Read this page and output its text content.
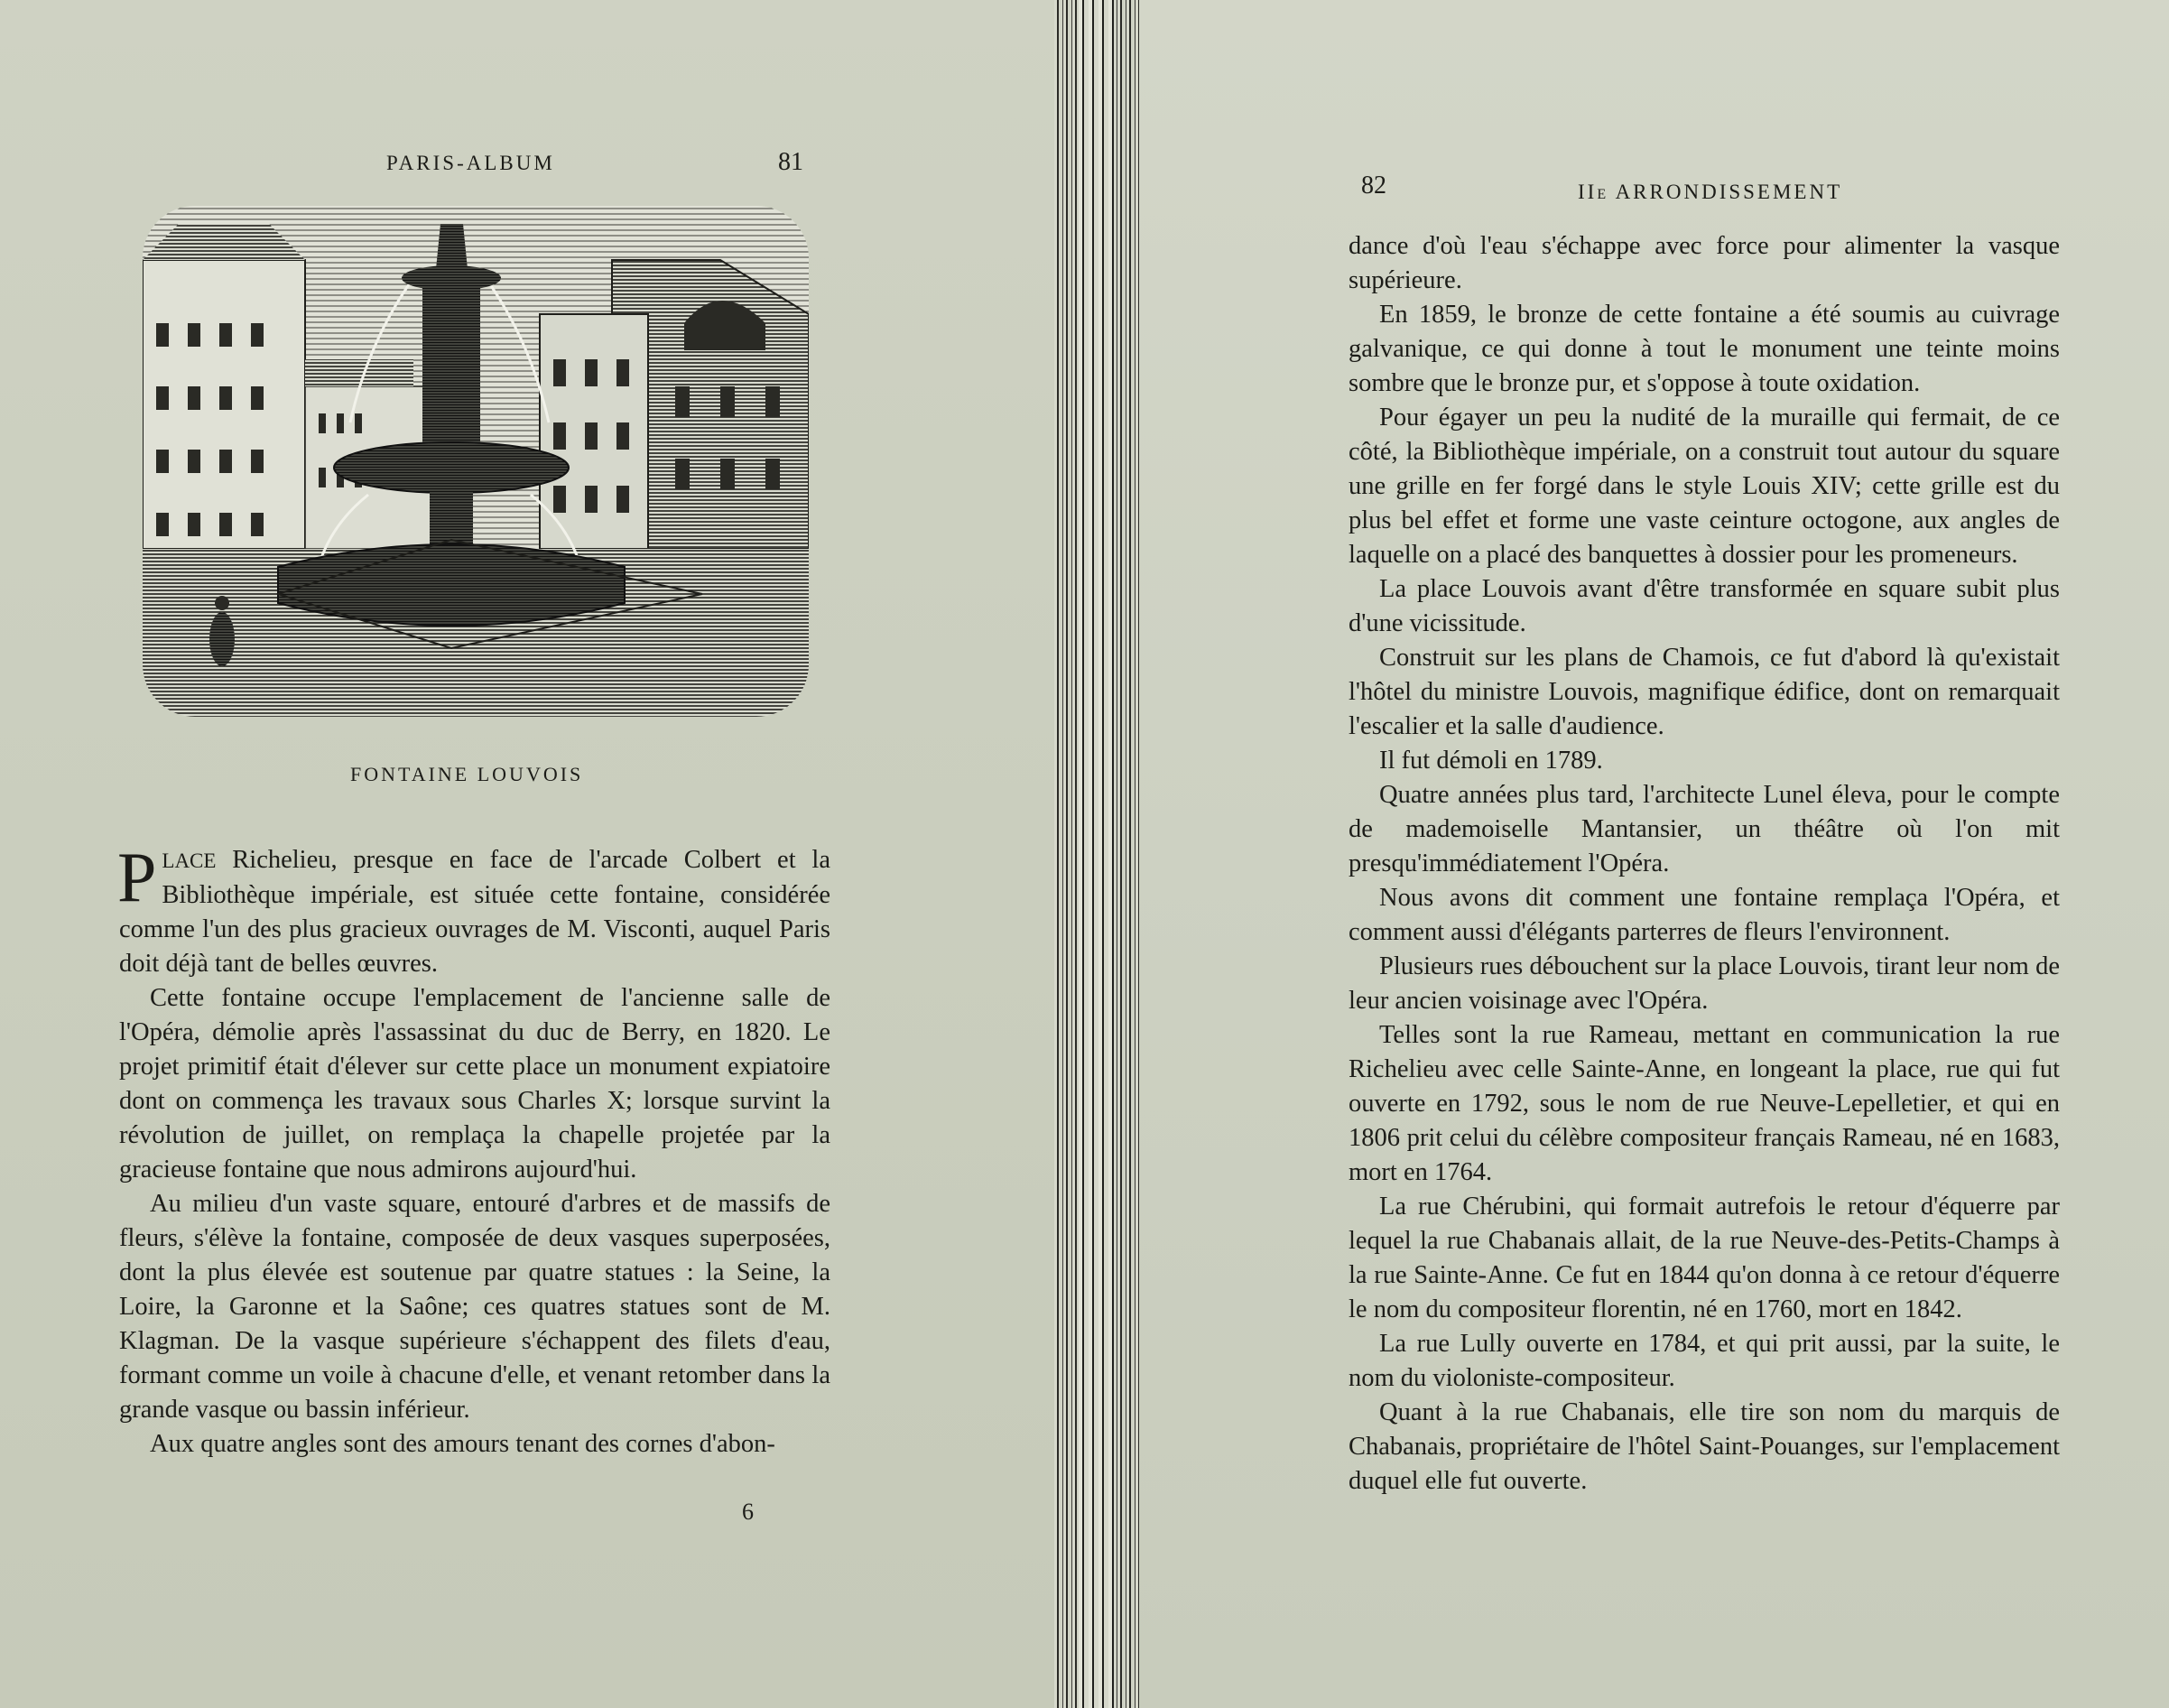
PARIS-ALBUM	81
FONTAINE LOUVOIS

PLACE Richelieu, presque en face de l'arcade Colbert et la Bibliothèque impériale, est située cette fontaine, considérée comme l'un des plus gracieux ouvrages de M. Visconti, auquel Paris doit déjà tant de belles œuvres.

Cette fontaine occupe l'emplacement de l'ancienne salle de l'Opéra, démolie après l'assassinat du duc de Berry, en 1820. Le projet primitif était d'élever sur cette place un monument expiatoire dont on commença les travaux sous Charles X; lorsque survint la révolution de juillet, on remplaça la chapelle projetée par la gracieuse fontaine que nous admirons aujourd'hui.

Au milieu d'un vaste square, entouré d'arbres et de massifs de fleurs, s'élève la fontaine, composée de deux vasques superposées, dont la plus élevée est soutenue par quatre statues : la Seine, la Loire, la Garonne et la Saône; ces quatres statues sont de M. Klagman. De la vasque supérieure s'échappent des filets d'eau, formant comme un voile à chacune d'elle, et venant retomber dans la grande vasque ou bassin inférieur.

Aux quatre angles sont des amours tenant des cornes d'abon-

6
82	IIe ARRONDISSEMENT

dance d'où l'eau s'échappe avec force pour alimenter la vasque supérieure.

En 1859, le bronze de cette fontaine a été soumis au cuivrage galvanique, ce qui donne à tout le monument une teinte moins sombre que le bronze pur, et s'oppose à toute oxidation.

Pour égayer un peu la nudité de la muraille qui fermait, de ce côté, la Bibliothèque impériale, on a construit tout autour du square une grille en fer forgé dans le style Louis XIV; cette grille est du plus bel effet et forme une vaste ceinture octogone, aux angles de laquelle on a placé des banquettes à dossier pour les promeneurs.

La place Louvois avant d'être transformée en square subit plus d'une vicissitude.

Construit sur les plans de Chamois, ce fut d'abord là qu'existait l'hôtel du ministre Louvois, magnifique édifice, dont on remarquait l'escalier et la salle d'audience.

Il fut démoli en 1789.

Quatre années plus tard, l'architecte Lunel éleva, pour le compte de mademoiselle Mantansier, un théâtre où l'on mit presqu'immédiatement l'Opéra.

Nous avons dit comment une fontaine remplaça l'Opéra, et comment aussi d'élégants parterres de fleurs l'environnent.

Plusieurs rues débouchent sur la place Louvois, tirant leur nom de leur ancien voisinage avec l'Opéra.

Telles sont la rue Rameau, mettant en communication la rue Richelieu avec celle Sainte-Anne, en longeant la place, rue qui fut ouverte en 1792, sous le nom de rue Neuve-Lepelletier, et qui en 1806 prit celui du célèbre compositeur français Rameau, né en 1683, mort en 1764.

La rue Chérubini, qui formait autrefois le retour d'équerre par lequel la rue Chabanais allait, de la rue Neuve-des-Petits-Champs à la rue Sainte-Anne. Ce fut en 1844 qu'on donna à ce retour d'équerre le nom du compositeur florentin, né en 1760, mort en 1842.

La rue Lully ouverte en 1784, et qui prit aussi, par la suite, le nom du violoniste-compositeur.

Quant à la rue Chabanais, elle tire son nom du marquis de Chabanais, propriétaire de l'hôtel Saint-Pouanges, sur l'emplacement duquel elle fut ouverte.
